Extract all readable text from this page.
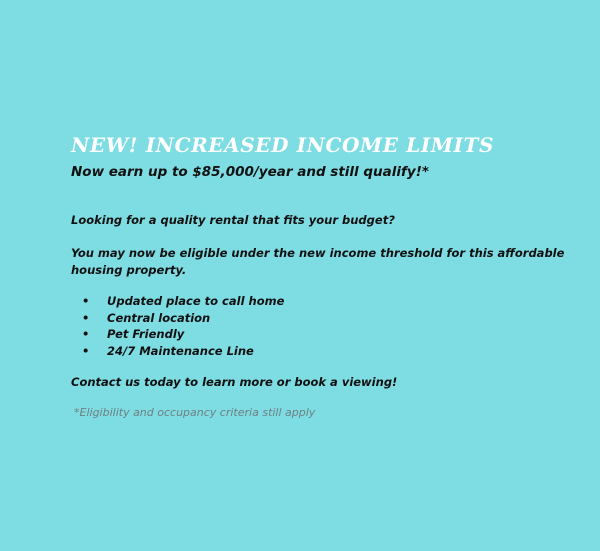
NEW! INCREASED INCOME LIMITS

Now earn up to $85,000/year and still qualify!*

Looking for a quality rental that fits your budget?

You may now be eligible under the new income threshold for this affordable housing property.

• Updated place to call home
• Central location
• Pet Friendly
• 24/7 Maintenance Line

Contact us today to learn more or book a viewing!

*Eligibility and occupancy criteria still apply
